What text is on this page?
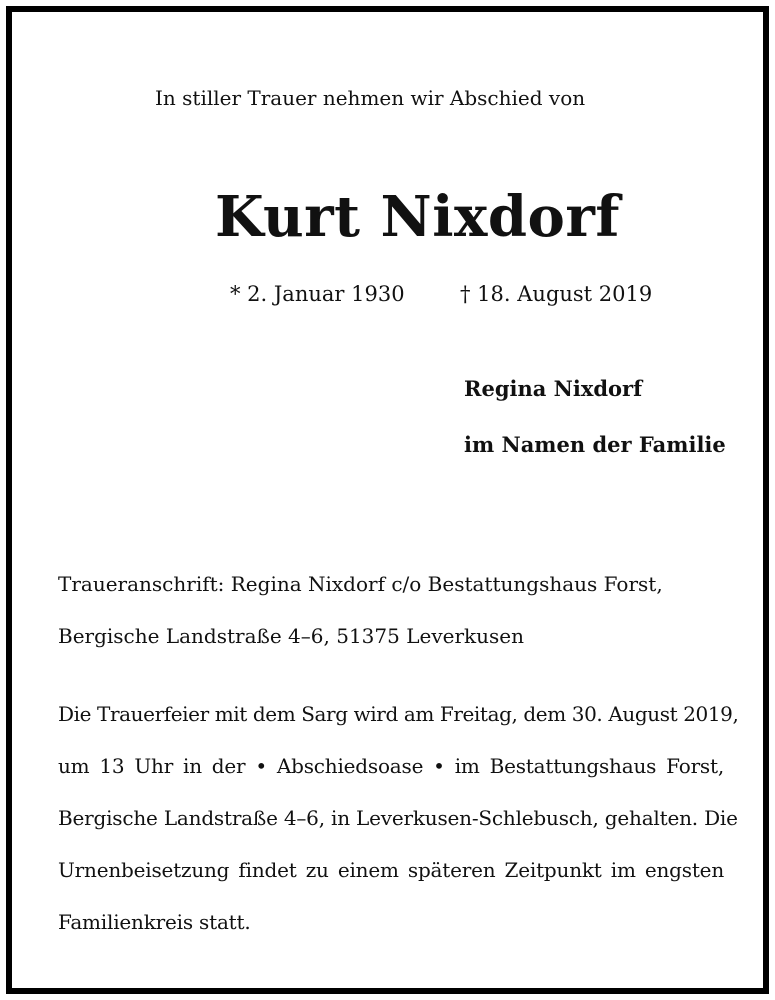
In stiller Trauer nehmen wir Abschied von
Kurt Nixdorf
* 2. Januar 1930	† 18. August 2019
Regina Nixdorf
im Namen der Familie
Traueranschrift: Regina Nixdorf c/o Bestattungshaus Forst,
Bergische Landstraße 4–6, 51375 Leverkusen
Die Trauerfeier mit dem Sarg wird am Freitag, dem 30. August 2019,
um 13 Uhr in der • Abschiedsoase • im Bestattungshaus Forst,
Bergische Landstraße 4–6, in Leverkusen-Schlebusch, gehalten. Die
Urnenbeisetzung findet zu einem späteren Zeitpunkt im engsten
Familienkreis statt.
